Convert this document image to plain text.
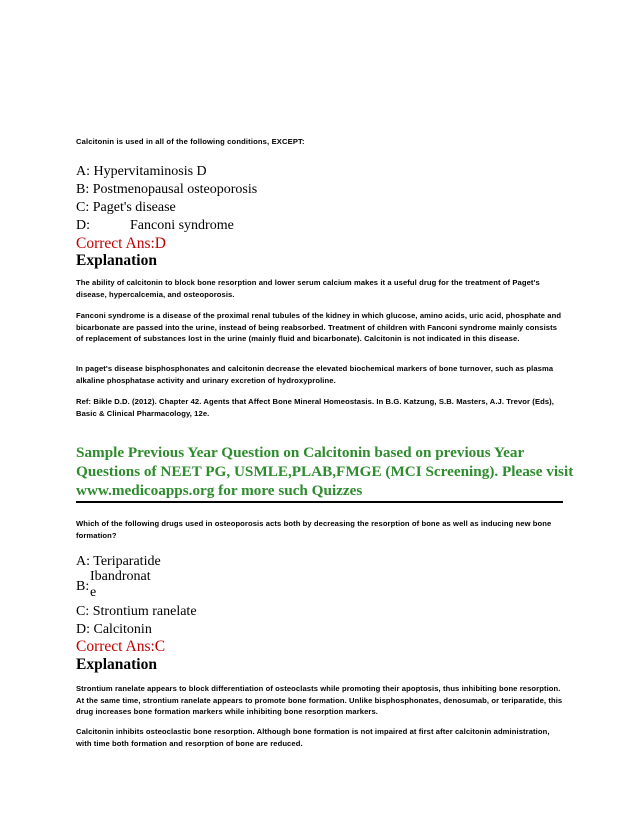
Calcitonin is used in all of the following conditions, EXCEPT:
A: Hypervitaminosis D
B: Postmenopausal osteoporosis
C: Paget's disease
D:	Fanconi syndrome
Correct Ans:D
Explanation
The ability of calcitonin to block bone resorption and lower serum calcium makes it a useful drug for the treatment of Paget's disease, hypercalcemia, and osteoporosis.
Fanconi syndrome is a disease of the proximal renal tubules of the kidney in which glucose, amino acids, uric acid, phosphate and bicarbonate are passed into the urine, instead of being reabsorbed. Treatment of children with Fanconi syndrome mainly consists of replacement of substances lost in the urine (mainly fluid and bicarbonate). Calcitonin is not indicated in this disease.
In paget's disease bisphosphonates and calcitonin decrease the elevated biochemical markers of bone turnover, such as plasma alkaline phosphatase activity and urinary excretion of hydroxyproline.
Ref: Bikle D.D. (2012). Chapter 42. Agents that Affect Bone Mineral Homeostasis. In B.G. Katzung, S.B. Masters, A.J. Trevor (Eds), Basic & Clinical Pharmacology, 12e.
Sample Previous Year Question on Calcitonin based on previous Year Questions of NEET PG, USMLE,PLAB,FMGE (MCI Screening). Please visit www.medicoapps.org for more such Quizzes
Which of the following drugs used in osteoporosis acts both by decreasing the resorption of bone as well as inducing new bone formation?
A: Teriparatide
B:
Ibandronat
e
C: Strontium ranelate
D: Calcitonin
Correct Ans:C
Explanation
Strontium ranelate appears to block differentiation of osteoclasts while promoting their apoptosis, thus inhibiting bone resorption. At the same time, strontium ranelate appears to promote bone formation. Unlike bisphosphonates, denosumab, or teriparatide, this drug increases bone formation markers while inhibiting bone resorption markers.
Calcitonin inhibits osteoclastic bone resorption. Although bone formation is not impaired at first after calcitonin administration, with time both formation and resorption of bone are reduced.
